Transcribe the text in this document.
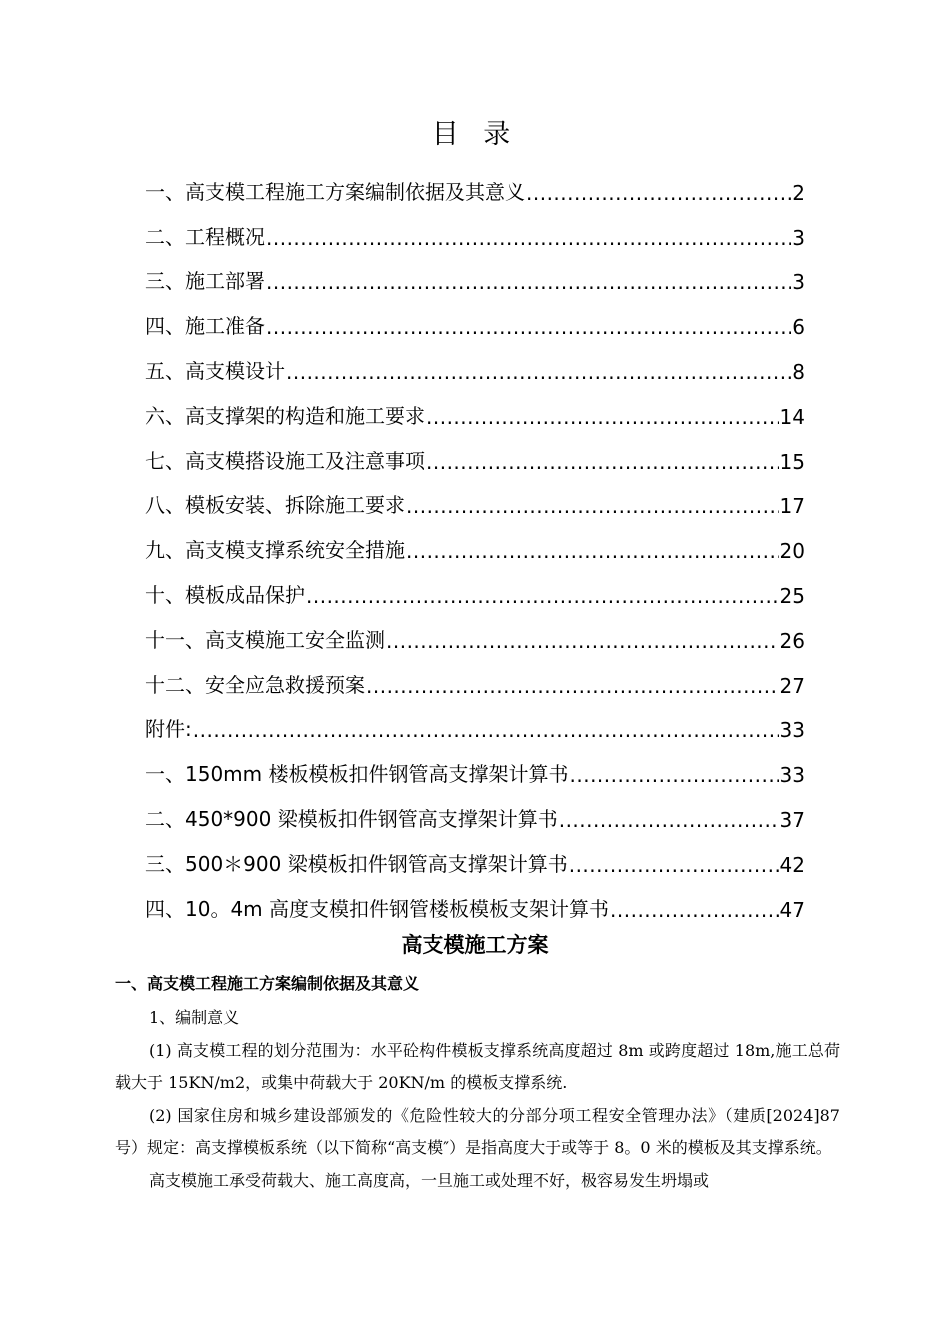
目 录
一、高支模工程施工方案编制依据及其意义 .....	2
二、工程概况 .....	3
三、施工部署 .....	3
四、施工准备 .....	6
五、高支模设计 .....	8
六、高支撑架的构造和施工要求 .....	14
七、高支模搭设施工及注意事项 .....	15
八、模板安装、拆除施工要求 .....	17
九、高支模支撑系统安全措施 .....	20
十、模板成品保护 .....	25
十一、高支模施工安全监测 .....	26
十二、安全应急救援预案 .....	27
附件: .....	33
一、150mm 楼板模板扣件钢管高支撑架计算书 .....	33
二、450*900 梁模板扣件钢管高支撑架计算书 .....	37
三、500＊900 梁模板扣件钢管高支撑架计算书 .....	42
四、10。4m 高度支模扣件钢管楼板模板支架计算书 .....	47
高支模施工方案
一、高支模工程施工方案编制依据及其意义

1、编制意义

(1) 高支模工程的划分范围为：水平砼构件模板支撑系统高度超过 8m 或跨度超过 18m,施工总荷载大于 15KN/m2，或集中荷载大于 20KN/m 的模板支撑系统.

(2) 国家住房和城乡建设部颁发的《危险性较大的分部分项工程安全管理办法》（建质[2024]87 号）规定：高支撑模板系统（以下简称“高支模″）是指高度大于或等于 8。0 米的模板及其支撑系统。

高支模施工承受荷载大、施工高度高，一旦施工或处理不好，极容易发生坍塌或
